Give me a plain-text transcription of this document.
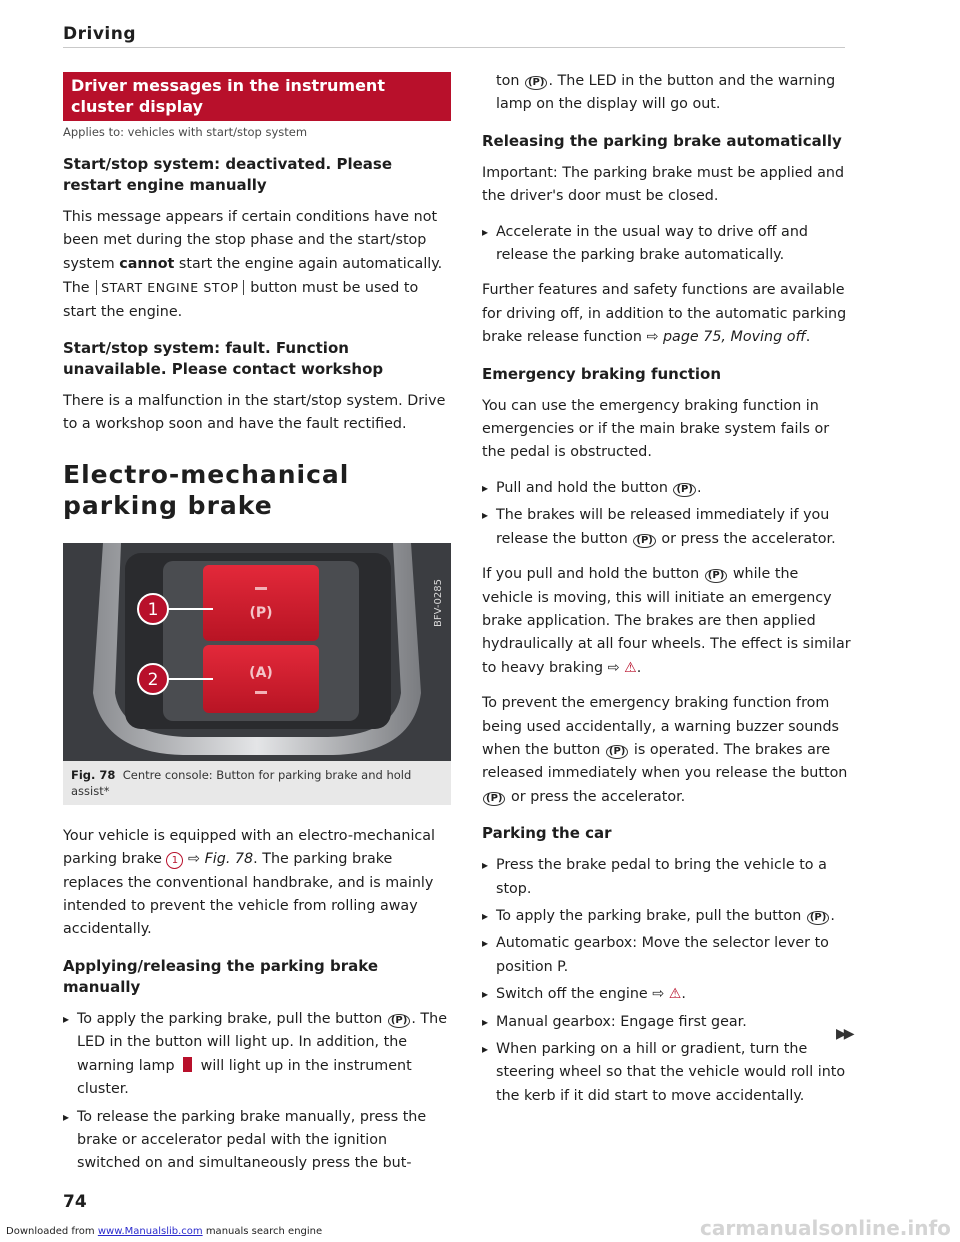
Driving
Driver messages in the instrument cluster display
Applies to: vehicles with start/stop system
Start/stop system: deactivated. Please restart engine manually

This message appears if certain conditions have not been met during the stop phase and the start/stop system cannot start the engine again automatically. The START ENGINE STOP button must be used to start the engine.

Start/stop system: fault. Function unavailable. Please contact workshop

There is a malfunction in the start/stop system. Drive to a workshop soon and have the fault rectified.

Electro-mechanical parking brake
(P)
(A)
1
2
BFV-0285
Fig. 78 Centre console: Button for parking brake and hold assist*

Your vehicle is equipped with an electro-mechanical parking brake 1 ⇨ Fig. 78. The parking brake replaces the conventional handbrake, and is mainly intended to prevent the vehicle from rolling away accidentally.

Applying/releasing the parking brake manually
▸ To apply the parking brake, pull the button (P) . The LED in the button will light up. In addition, the warning lamp  will light up in the instrument cluster.
▸ To release the parking brake manually, press the brake or accelerator pedal with the ignition switched on and simultaneously press the but-

ton (P) . The LED in the button and the warning lamp on the display will go out.

Releasing the parking brake automatically

Important: The parking brake must be applied and the driver's door must be closed.

▸ Accelerate in the usual way to drive off and release the parking brake automatically.

Further features and safety functions are available for driving off, in addition to the automatic parking brake release function ⇨ page 75, Moving off.

Emergency braking function

You can use the emergency braking function in emergencies or if the main brake system fails or the pedal is obstructed.

▸ Pull and hold the button (P) .
▸ The brakes will be released immediately if you release the button (P) or press the accelerator.

If you pull and hold the button (P) while the vehicle is moving, this will initiate an emergency brake application. The brakes are then applied hydraulically at all four wheels. The effect is similar to heavy braking ⇨ ⚠.

To prevent the emergency braking function from being used accidentally, a warning buzzer sounds when the button (P) is operated. The brakes are released immediately when you release the button (P) or press the accelerator.

Parking the car
▸ Press the brake pedal to bring the vehicle to a stop.
▸ To apply the parking brake, pull the button (P) .
▸ Automatic gearbox: Move the selector lever to position P.
▸ Switch off the engine ⇨ ⚠.
▸ Manual gearbox: Engage first gear.
▸ When parking on a hill or gradient, turn the steering wheel so that the vehicle would roll into the kerb if it did start to move accidentally.
▶▶
74
Downloaded from www.Manualslib.com manuals search engine	carmanualsonline.info
